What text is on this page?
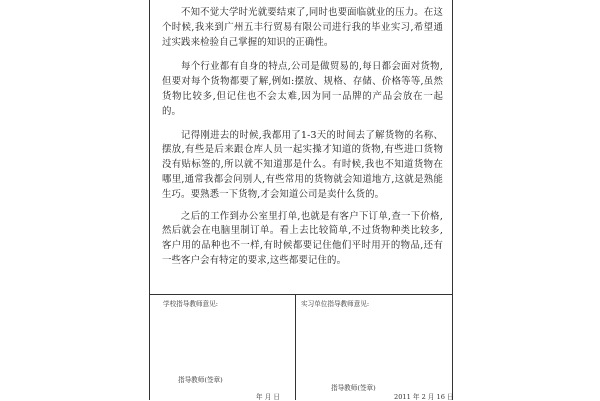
不知不觉大学时光就要结束了,同时也要面临就业的压力。在这个时候,我来到广州五丰行贸易有限公司进行我的毕业实习,希望通过实践来检验自己掌握的知识的正确性。

每个行业都有自身的特点,公司是做贸易的,每日都会面对货物,但要对每个货物都要了解,例如:摆放、规格、存储、价格等等,虽然货物比较多,但记住也不会太难,因为同一品牌的产品会放在一起的。

记得刚进去的时候,我都用了1-3天的时间去了解货物的名称、摆放,有些是后来跟仓库人员一起实操才知道的货物,有些进口货物没有贴标签的,所以就不知道那是什么。有时候,我也不知道货物在哪里,通常我都会问别人,有些常用的货物就会知道地方,这就是熟能生巧。要熟悉一下货物,才会知道公司是卖什么货的。

之后的工作到办公室里打单,也就是有客户下订单,查一下价格,然后就会在电脑里制订单。看上去比较简单,不过货物种类比较多,客户用的品种也不一样,有时候都要记住他们平时用开的物品,还有一些客户会有特定的要求,这些都要记住的。

学校指导教师意见:
指导教师(签章)
年 月 日
实习单位指导教师意见:
指导教师(签章)
2011 年 2 月 16 日
